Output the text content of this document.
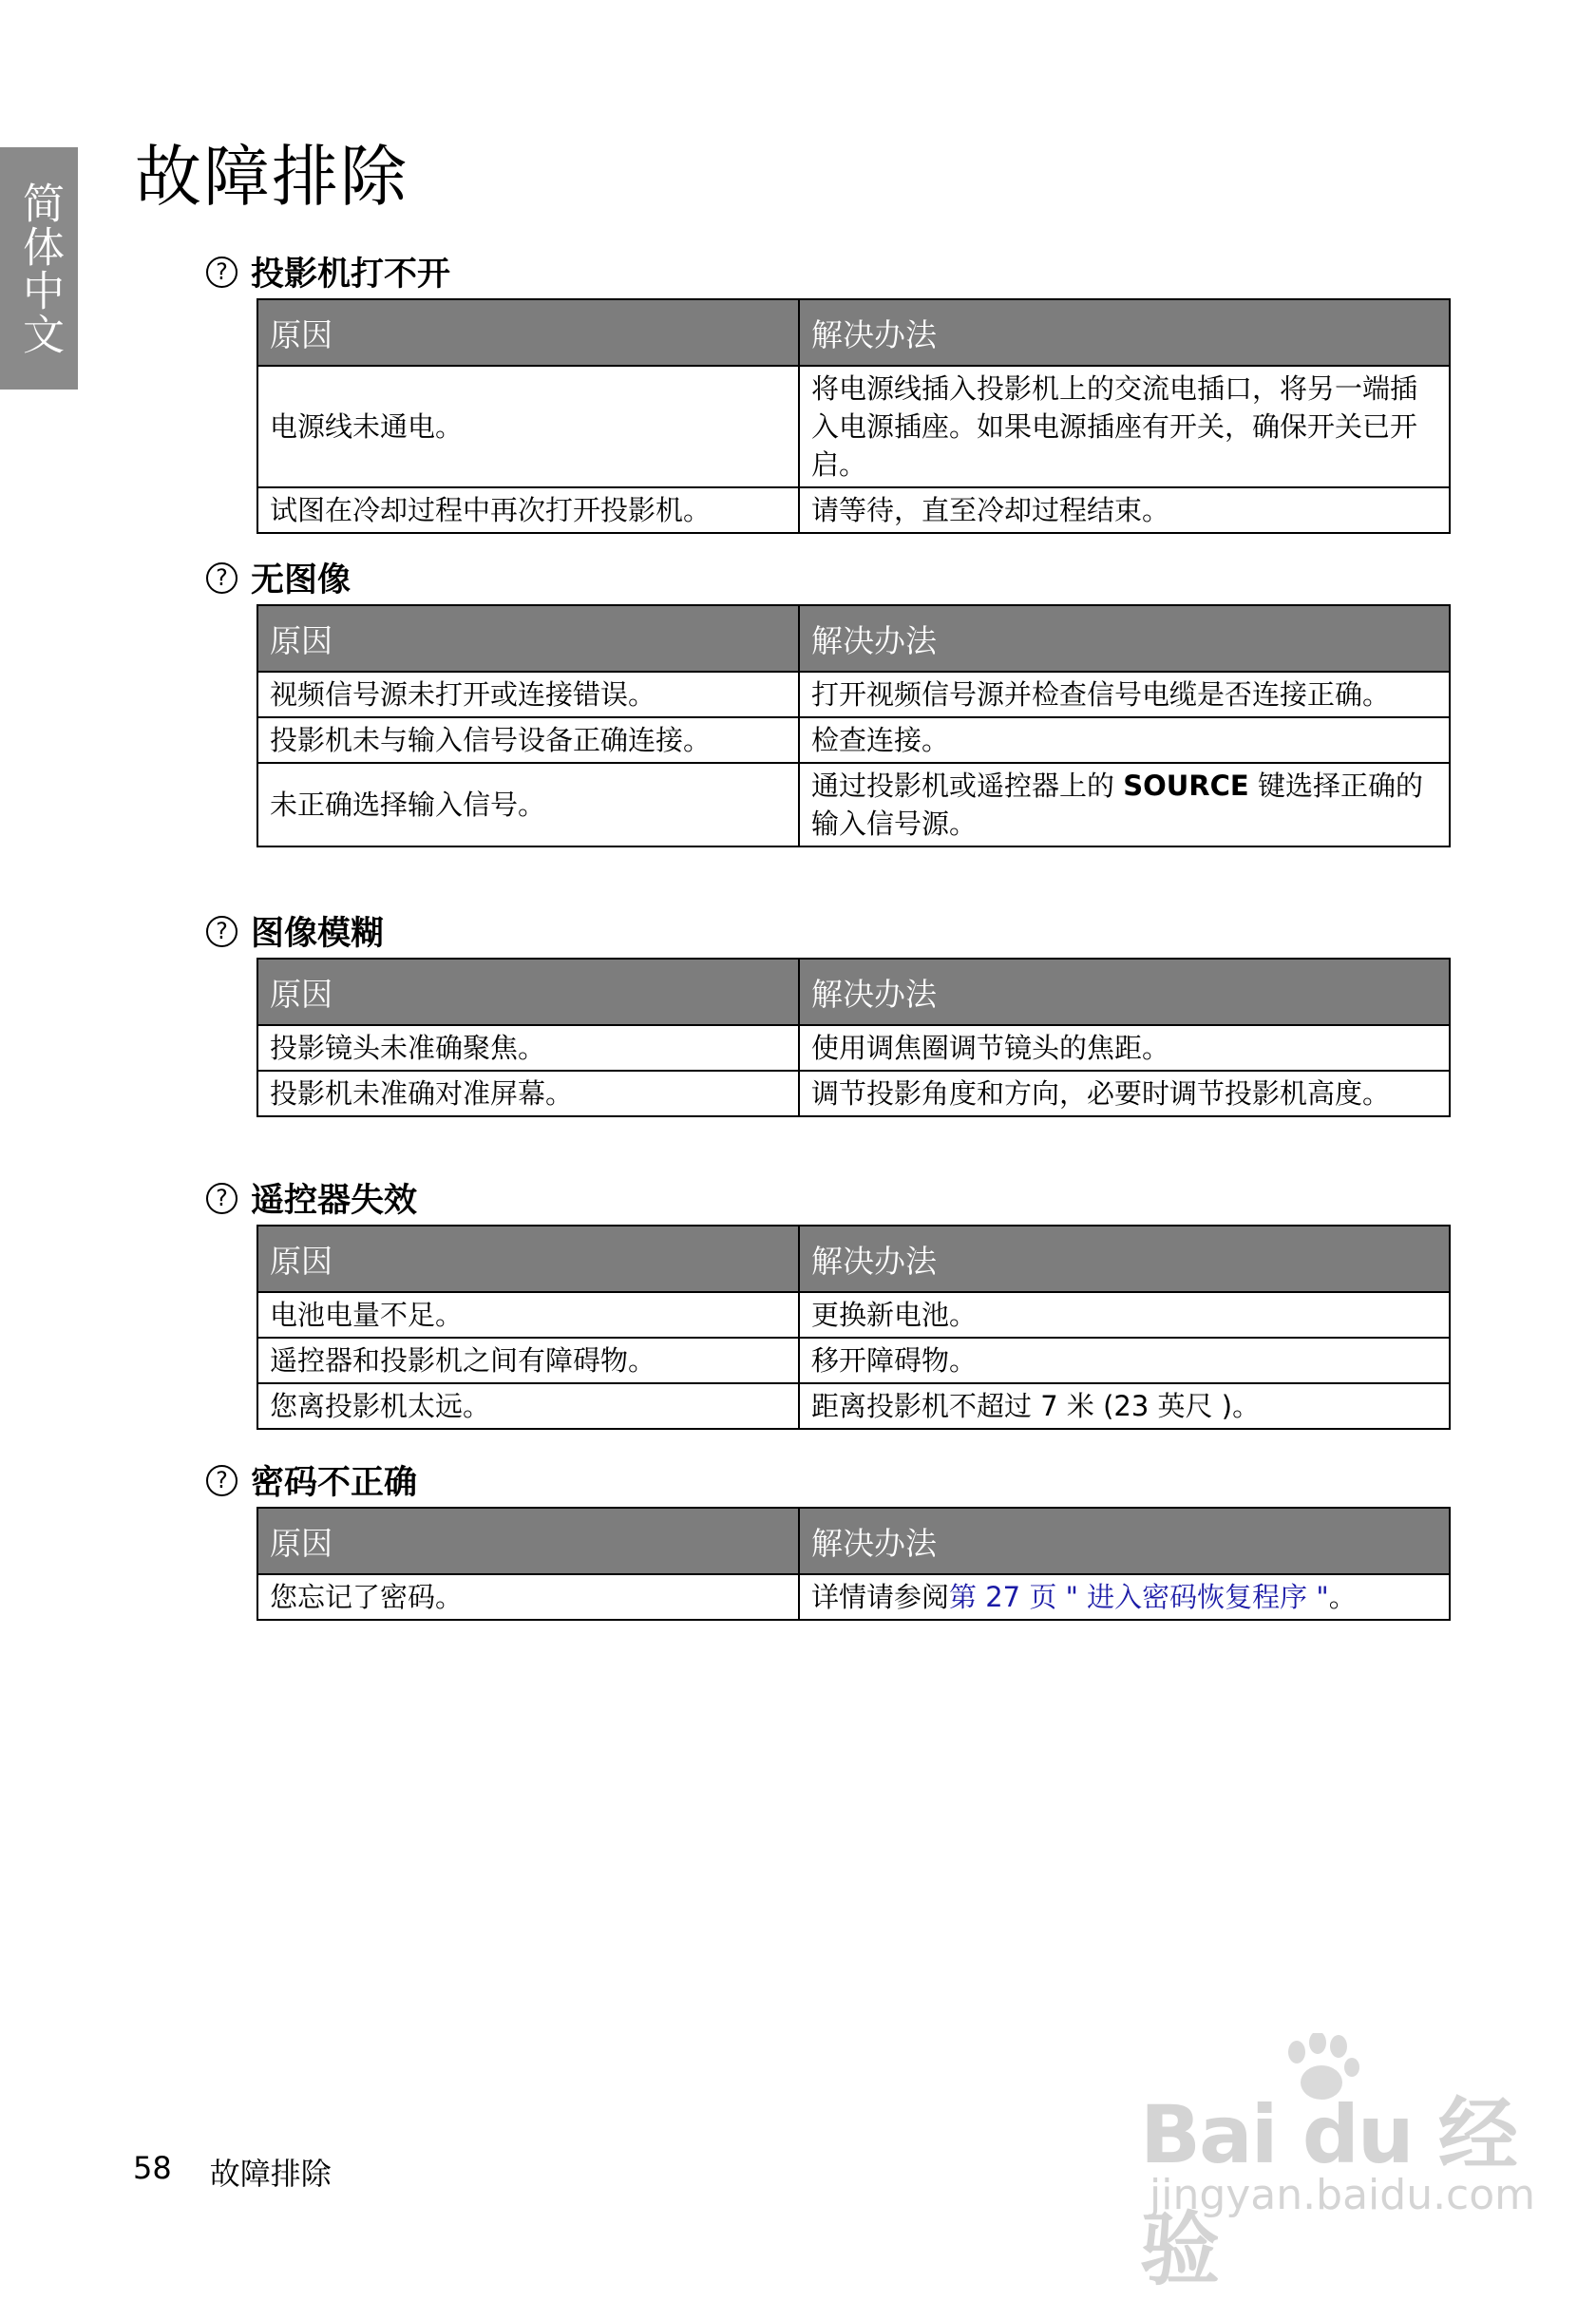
简体中文
故障排除
? 投影机打不开
原因	解决办法
电源线未通电。	将电源线插入投影机上的交流电插口，将另一端插入电源插座。如果电源插座有开关，确保开关已开启。
试图在冷却过程中再次打开投影机。	请等待，直至冷却过程结束。
? 无图像
原因	解决办法
视频信号源未打开或连接错误。	打开视频信号源并检查信号电缆是否连接正确。
投影机未与输入信号设备正确连接。	检查连接。
未正确选择输入信号。	通过投影机或遥控器上的 SOURCE 键选择正确的输入信号源。
? 图像模糊
原因	解决办法
投影镜头未准确聚焦。	使用调焦圈调节镜头的焦距。
投影机未准确对准屏幕。	调节投影角度和方向，必要时调节投影机高度。
? 遥控器失效
原因	解决办法
电池电量不足。	更换新电池。
遥控器和投影机之间有障碍物。	移开障碍物。
您离投影机太远。	距离投影机不超过 7 米 (23 英尺 )。
? 密码不正确
原因	解决办法
您忘记了密码。	详情请参阅第 27 页 " 进入密码恢复程序 "。
58 故障排除	Bai du 经验
jingyan.baidu.com
